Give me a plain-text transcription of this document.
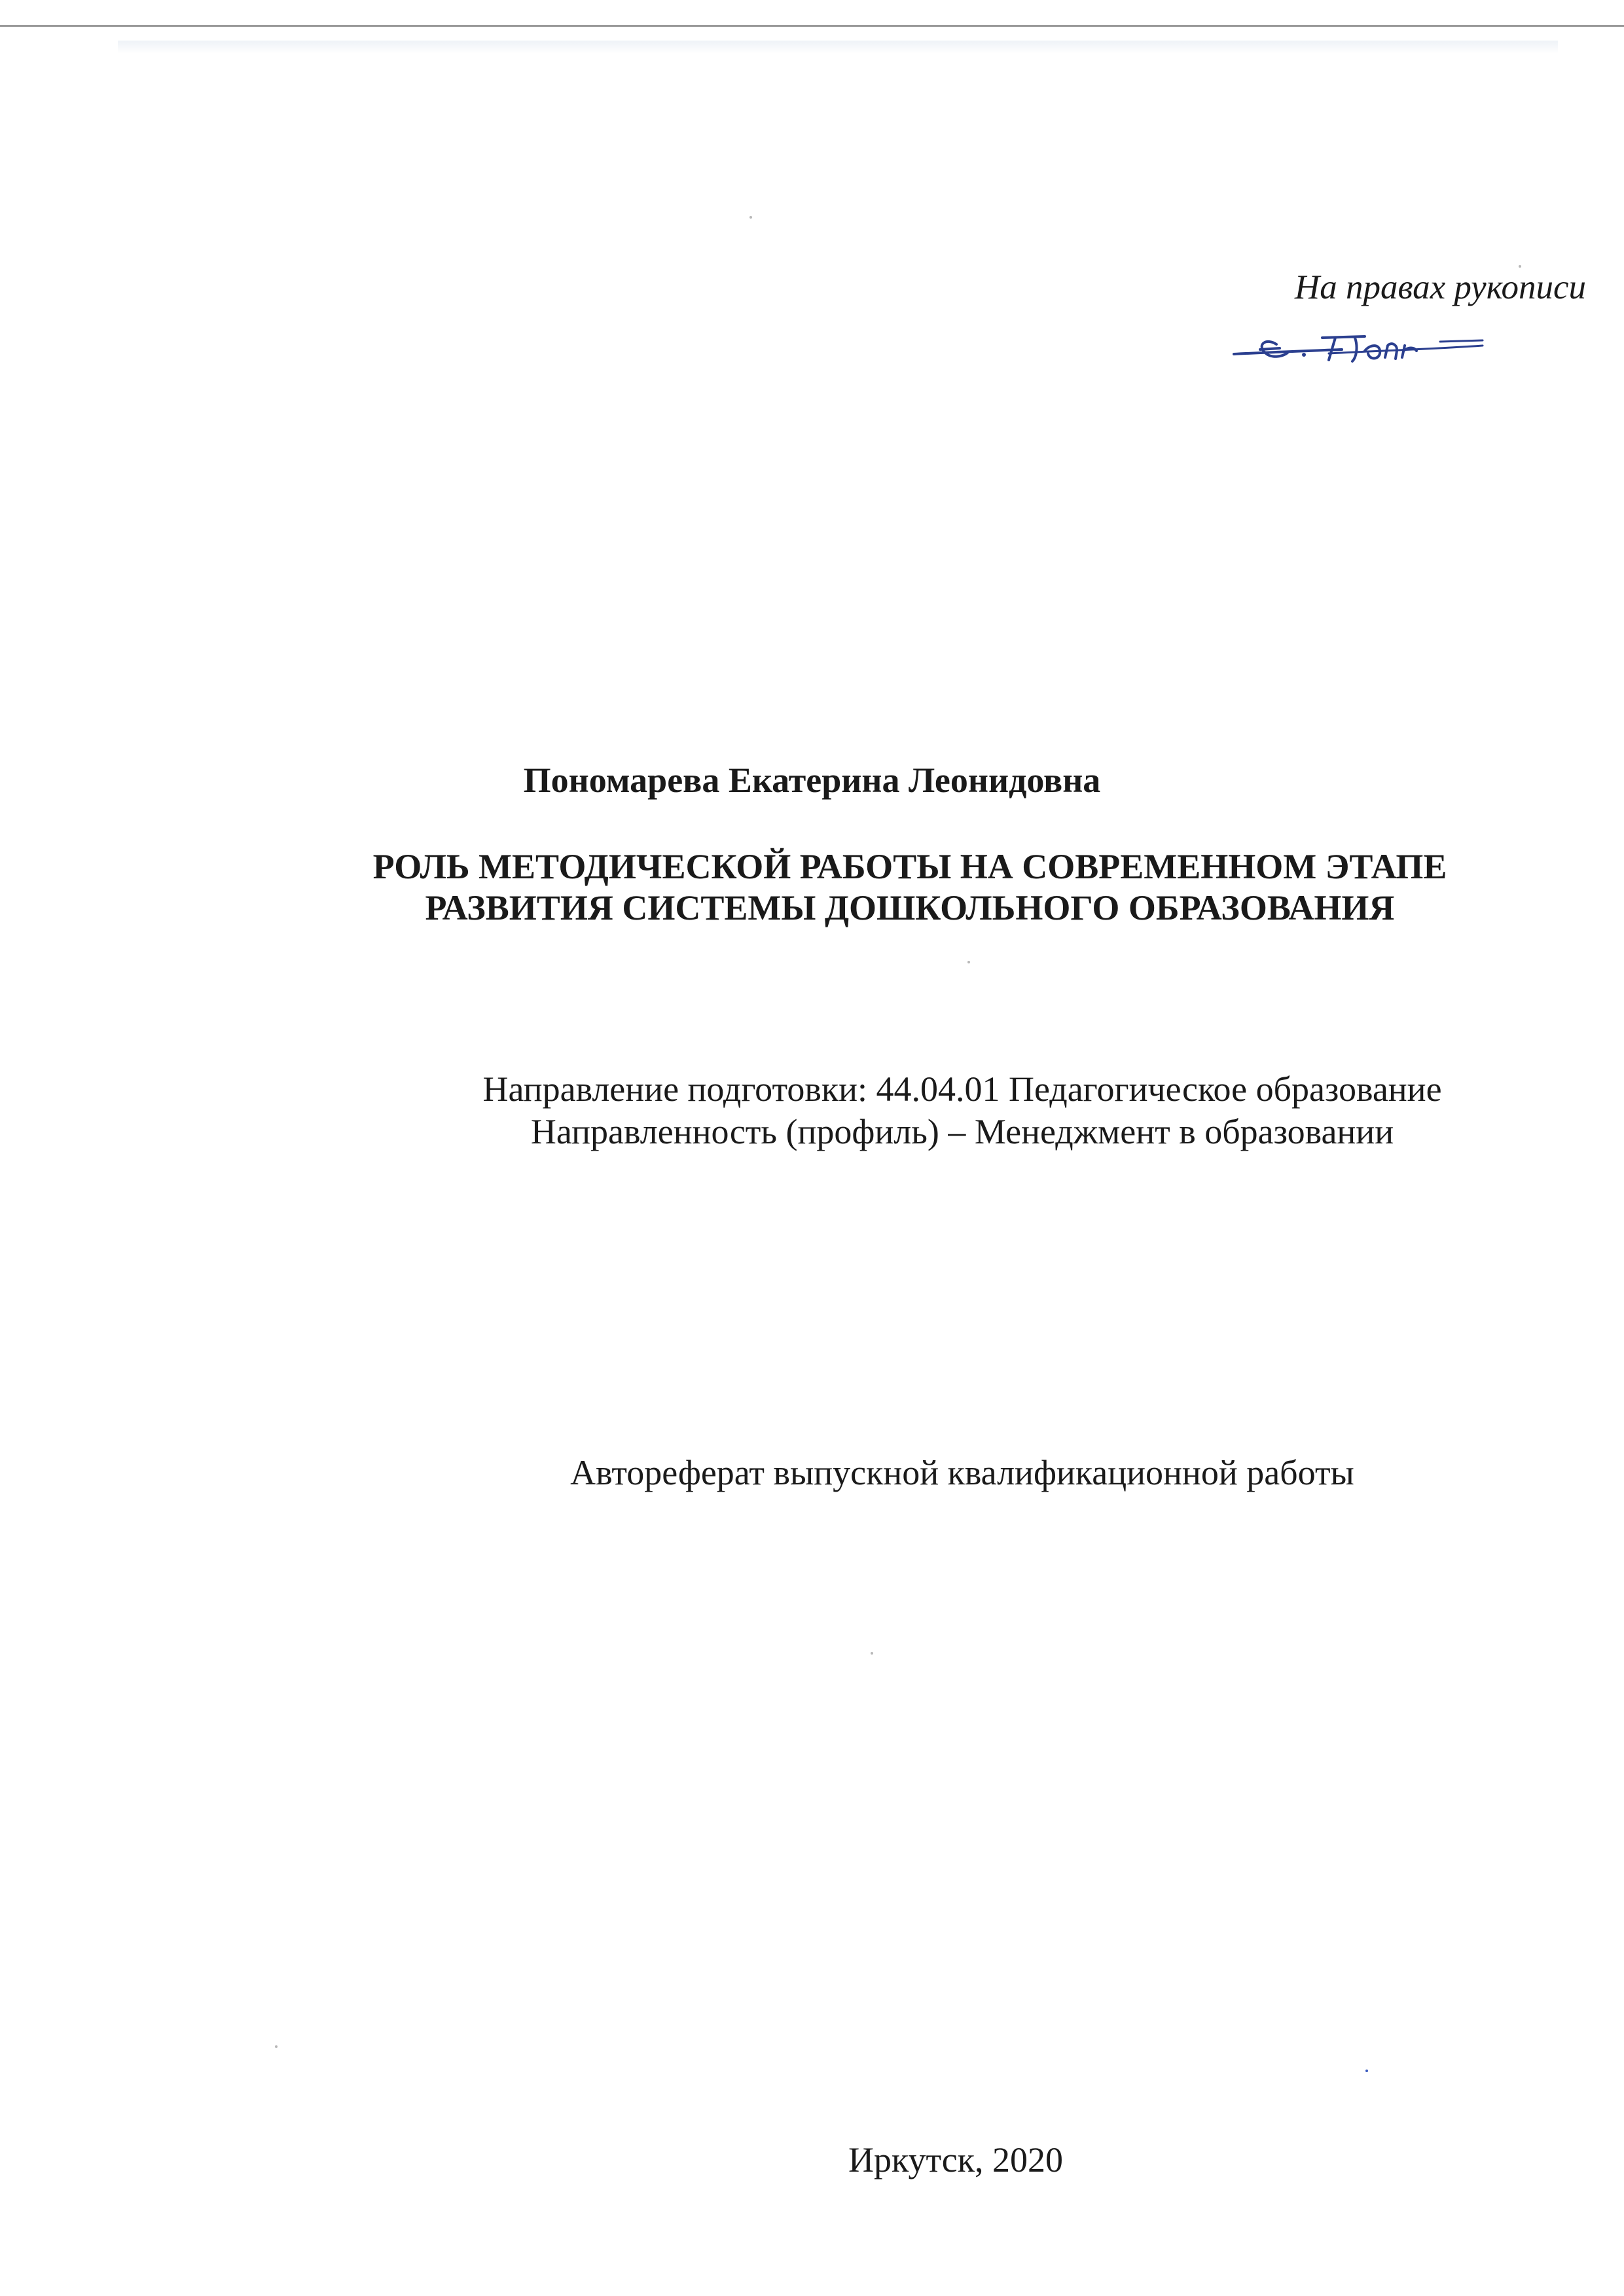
На правах рукописи
Пономарева Екатерина Леонидовна
РОЛЬ МЕТОДИЧЕСКОЙ РАБОТЫ НА СОВРЕМЕННОМ ЭТАПЕ
РАЗВИТИЯ СИСТЕМЫ ДОШКОЛЬНОГО ОБРАЗОВАНИЯ
Направление подготовки: 44.04.01 Педагогическое образование
Направленность (профиль) – Менеджмент в образовании
Автореферат выпускной квалификационной работы
Иркутск, 2020
